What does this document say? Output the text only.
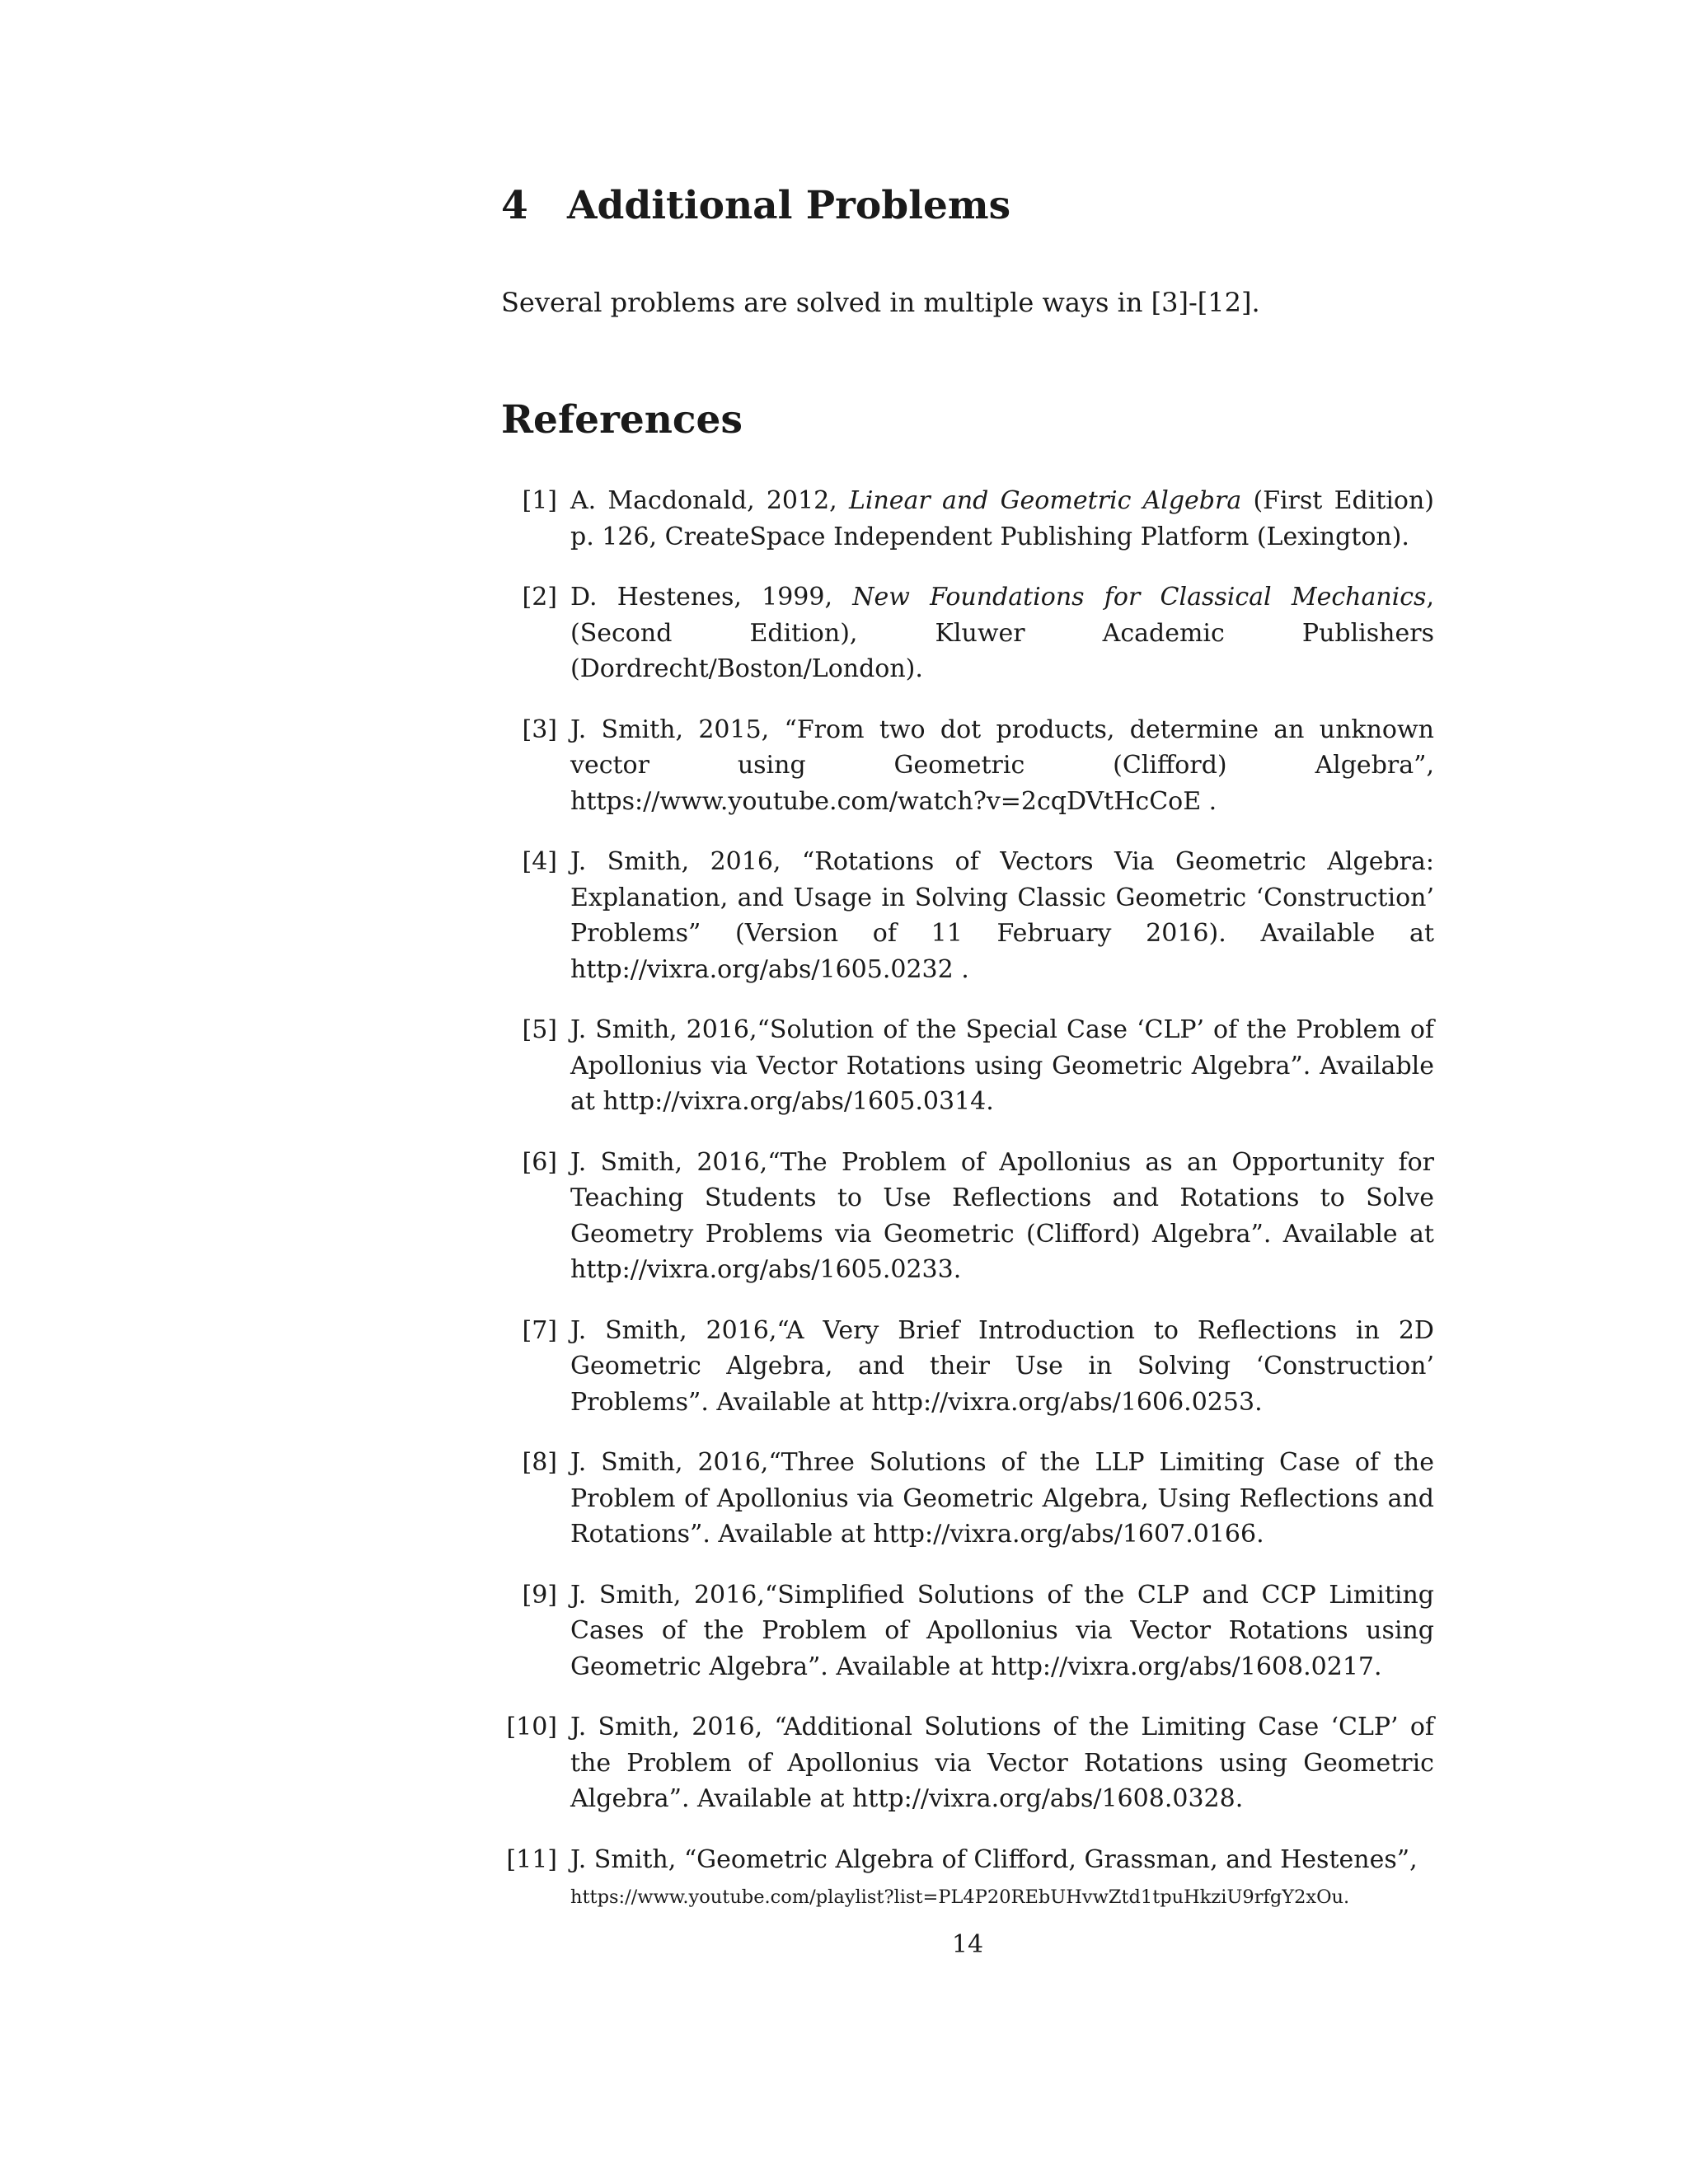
4 Additional Problems

Several problems are solved in multiple ways in [3]-[12].

References
[1] A. Macdonald, 2012, Linear and Geometric Algebra (First Edition) p. 126, CreateSpace Independent Publishing Platform (Lexington).
[2] D. Hestenes, 1999, New Foundations for Classical Mechanics, (Second Edition), Kluwer Academic Publishers (Dordrecht/Boston/London).
[3] J. Smith, 2015, “From two dot products, determine an unknown vector using Geometric (Clifford) Algebra”, https://www.youtube.com/watch?v=2cqDVtHcCoE .
[4] J. Smith, 2016, “Rotations of Vectors Via Geometric Algebra: Explanation, and Usage in Solving Classic Geometric ‘Construction’ Problems” (Version of 11 February 2016). Available at http://vixra.org/abs/1605.0232 .
[5] J. Smith, 2016,“Solution of the Special Case ‘CLP’ of the Problem of Apollonius via Vector Rotations using Geometric Algebra”. Available at http://vixra.org/abs/1605.0314.
[6] J. Smith, 2016,“The Problem of Apollonius as an Opportunity for Teaching Students to Use Reflections and Rotations to Solve Geometry Problems via Geometric (Clifford) Algebra”. Available at http://vixra.org/abs/1605.0233.
[7] J. Smith, 2016,“A Very Brief Introduction to Reflections in 2D Geometric Algebra, and their Use in Solving ‘Construction’ Problems”. Available at http://vixra.org/abs/1606.0253.
[8] J. Smith, 2016,“Three Solutions of the LLP Limiting Case of the Problem of Apollonius via Geometric Algebra, Using Reflections and Rotations”. Available at http://vixra.org/abs/1607.0166.
[9] J. Smith, 2016,“Simplified Solutions of the CLP and CCP Limiting Cases of the Problem of Apollonius via Vector Rotations using Geometric Algebra”. Available at http://vixra.org/abs/1608.0217.
[10] J. Smith, 2016, “Additional Solutions of the Limiting Case ‘CLP’ of the Problem of Apollonius via Vector Rotations using Geometric Algebra”. Available at http://vixra.org/abs/1608.0328.
[11] J. Smith, “Geometric Algebra of Clifford, Grassman, and Hestenes”,
https://www.youtube.com/playlist?list=PL4P20REbUHvwZtd1tpuHkziU9rfgY2xOu.
14
